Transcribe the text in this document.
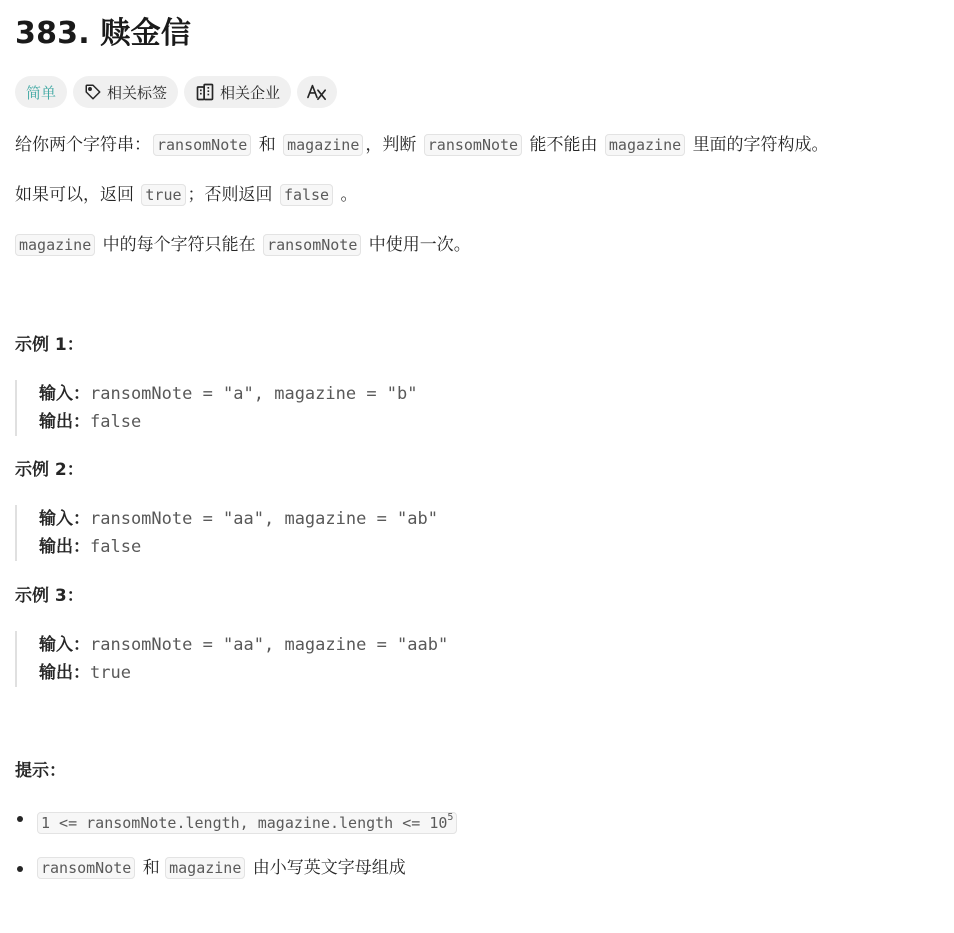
383. 赎金信
简单	相关标签	相关企业
给你两个字符串： ransomNote 和 magazine ，判断 ransomNote 能不能由 magazine 里面的字符构成。
如果可以，返回 true ；否则返回 false 。
magazine 中的每个字符只能在 ransomNote 中使用一次。
示例 1：
输入：ransomNote = "a", magazine = "b"
输出：false
示例 2：
输入：ransomNote = "aa", magazine = "ab"
输出：false
示例 3：
输入：ransomNote = "aa", magazine = "aab"
输出：true
提示：
1 <= ransomNote.length, magazine.length <= $10^5$
ransomNote 和 magazine 由小写英文字母组成
